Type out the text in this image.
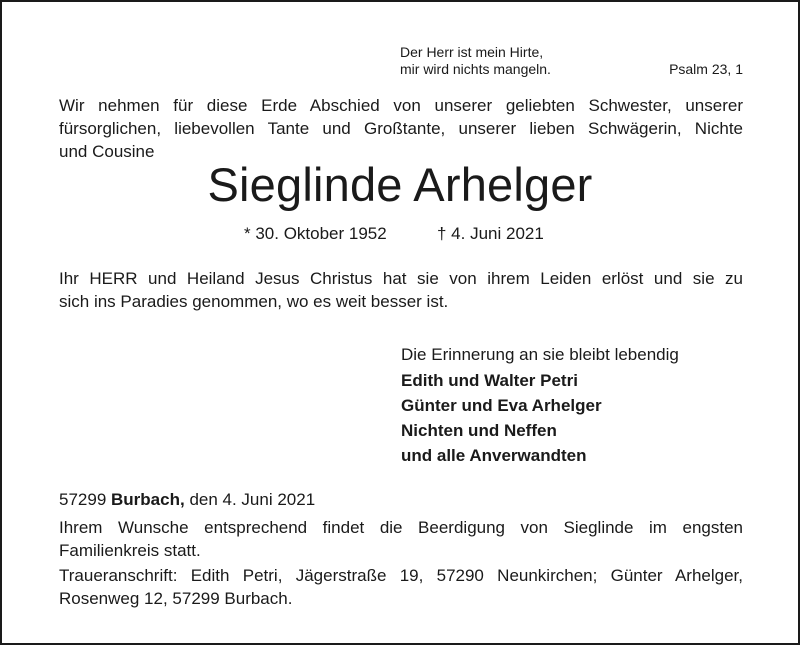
Der Herr ist mein Hirte,
mir wird nichts mangeln.	Psalm 23, 1
Wir nehmen für diese Erde Abschied von unserer geliebten Schwester, unserer
fürsorglichen, liebevollen Tante und Großtante, unserer lieben Schwägerin, Nichte
und Cousine
Sieglinde Arhelger
* 30. Oktober 1952	† 4. Juni 2021
Ihr HERR und Heiland Jesus Christus hat sie von ihrem Leiden erlöst und sie zu
sich ins Paradies genommen, wo es weit besser ist.
Die Erinnerung an sie bleibt lebendig
Edith und Walter Petri
Günter und Eva Arhelger
Nichten und Neffen
und alle Anverwandten
57299 Burbach, den 4. Juni 2021
Ihrem Wunsche entsprechend findet die Beerdigung von Sieglinde im engsten
Familienkreis statt.
Traueranschrift: Edith Petri, Jägerstraße 19, 57290 Neunkirchen; Günter Arhelger,
Rosenweg 12, 57299 Burbach.
